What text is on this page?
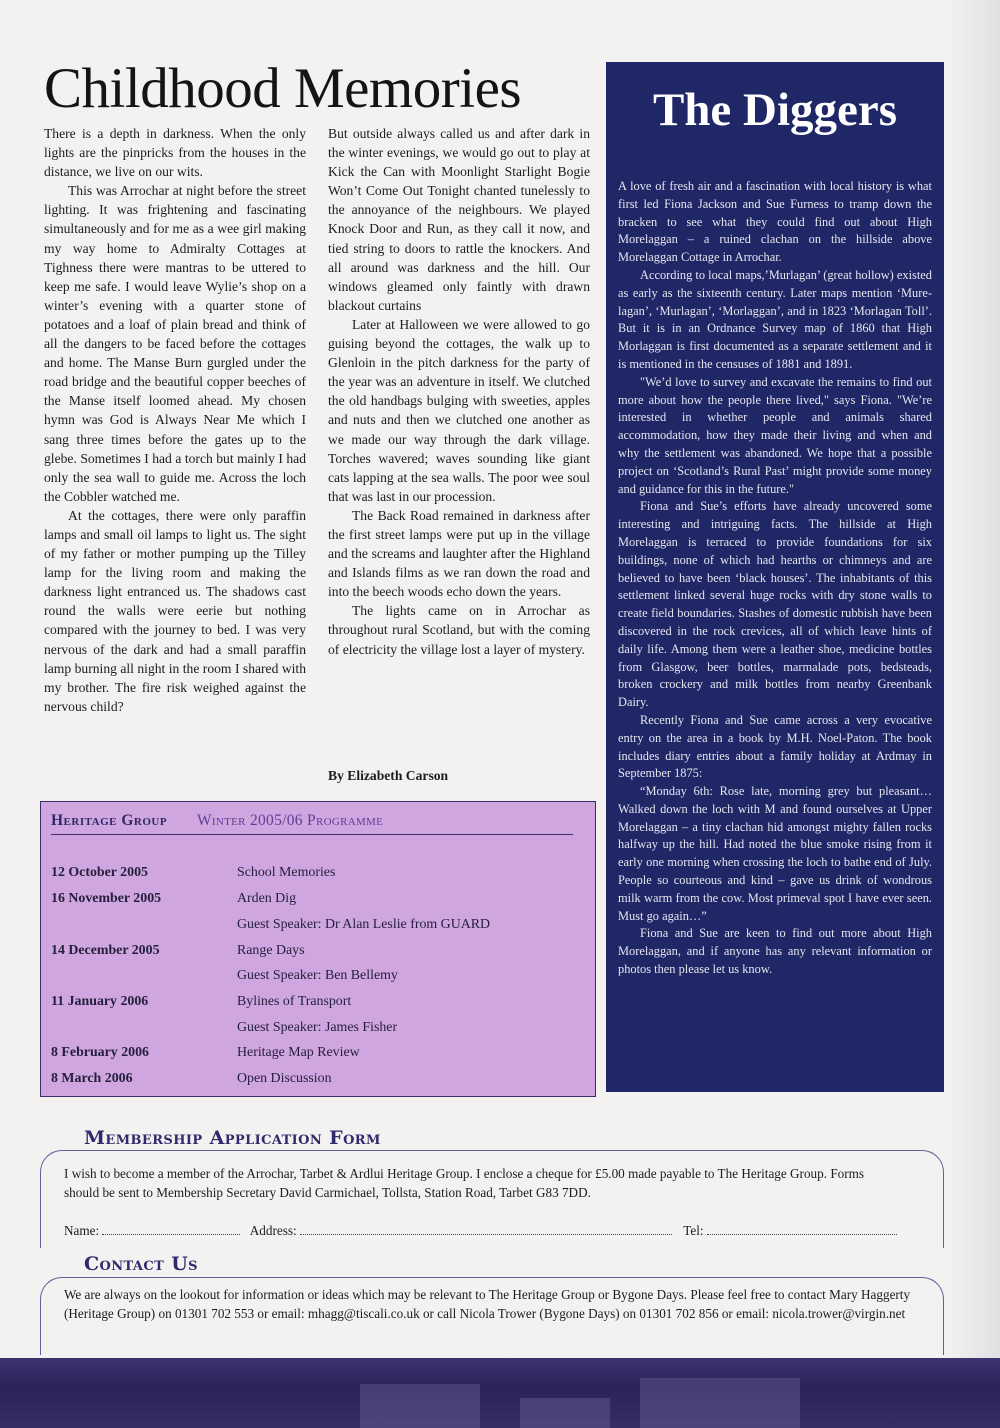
Childhood Memories

There is a depth in darkness. When the only lights are the pinpricks from the houses in the distance, we live on our wits.

This was Arrochar at night before the street lighting. It was frightening and fascinating simultaneously and for me as a wee girl making my way home to Admiralty Cottages at Tighness there were mantras to be uttered to keep me safe. I would leave Wylie’s shop on a winter’s evening with a quarter stone of potatoes and a loaf of plain bread and think of all the dangers to be faced before the cottages and home. The Manse Burn gurgled under the road bridge and the beautiful copper beeches of the Manse itself loomed ahead. My chosen hymn was God is Always Near Me which I sang three times before the gates up to the glebe. Sometimes I had a torch but mainly I had only the sea wall to guide me. Across the loch the Cobbler watched me.

At the cottages, there were only paraffin lamps and small oil lamps to light us. The sight of my father or mother pumping up the Tilley lamp for the living room and making the darkness light entranced us. The shadows cast round the walls were eerie but nothing compared with the journey to bed. I was very nervous of the dark and had a small paraffin lamp burning all night in the room I shared with my brother. The fire risk weighed against the nervous child?

But outside always called us and after dark in the winter evenings, we would go out to play at Kick the Can with Moonlight Starlight Bogie Won’t Come Out Tonight chanted tunelessly to the annoyance of the neighbours. We played Knock Door and Run, as they call it now, and tied string to doors to rattle the knockers. And all around was darkness and the hill. Our windows gleamed only faintly with drawn blackout curtains

Later at Halloween we were allowed to go guising beyond the cottages, the walk up to Glenloin in the pitch darkness for the party of the year was an adventure in itself. We clutched the old handbags bulging with sweeties, apples and nuts and then we clutched one another as we made our way through the dark village. Torches wavered; waves sounding like giant cats lapping at the sea walls. The poor wee soul that was last in our procession.

The Back Road remained in darkness after the first street lamps were put up in the village and the screams and laughter after the Highland and Islands films as we ran down the road and into the beech woods echo down the years.

The lights came on in Arrochar as throughout rural Scotland, but with the coming of electricity the village lost a layer of mystery.

By Elizabeth Carson
The Diggers

A love of fresh air and a fascination with local history is what first led Fiona Jackson and Sue Furness to tramp down the bracken to see what they could find out about High Morelaggan – a ruined clachan on the hillside above Morelaggan Cottage in Arrochar.

According to local maps,’Murlagan’ (great hollow) existed as early as the sixteenth century. Later maps mention ‘Mure-lagan’, ‘Murlagan’, ‘Morlaggan’, and in 1823 ‘Morlagan Toll’. But it is in an Ordnance Survey map of 1860 that High Morlaggan is first documented as a separate settlement and it is mentioned in the censuses of 1881 and 1891.

"We’d love to survey and excavate the remains to find out more about how the people there lived," says Fiona. "We’re interested in whether people and animals shared accommodation, how they made their living and when and why the settlement was abandoned. We hope that a possible project on ‘Scotland’s Rural Past’ might provide some money and guidance for this in the future."

Fiona and Sue’s efforts have already uncovered some interesting and intriguing facts. The hillside at High Morelaggan is terraced to provide foundations for six buildings, none of which had hearths or chimneys and are believed to have been ‘black houses’. The inhabitants of this settlement linked several huge rocks with dry stone walls to create field boundaries. Stashes of domestic rubbish have been discovered in the rock crevices, all of which leave hints of daily life. Among them were a leather shoe, medicine bottles from Glasgow, beer bottles, marmalade pots, bedsteads, broken crockery and milk bottles from nearby Greenbank Dairy.

Recently Fiona and Sue came across a very evocative entry on the area in a book by M.H. Noel-Paton. The book includes diary entries about a family holiday at Ardmay in September 1875:

“Monday 6th: Rose late, morning grey but pleasant… Walked down the loch with M and found ourselves at Upper Morelaggan – a tiny clachan hid amongst mighty fallen rocks halfway up the hill. Had noted the blue smoke rising from it early one morning when crossing the loch to bathe end of July. People so courteous and kind – gave us drink of wondrous milk warm from the cow. Most primeval spot I have ever seen. Must go again…”

Fiona and Sue are keen to find out more about High Morelaggan, and if anyone has any relevant information or photos then please let us know.

Heritage Group Winter 2005/06 Programme
12 October 2005	School Memories
16 November 2005	Arden Dig
Guest Speaker: Dr Alan Leslie from GUARD
14 December 2005	Range Days
Guest Speaker: Ben Bellemy
11 January 2006	Bylines of Transport
Guest Speaker: James Fisher
8 February 2006	Heritage Map Review
8 March 2006	Open Discussion
Membership Application Form
I wish to become a member of the Arrochar, Tarbet & Ardlui Heritage Group. I enclose a cheque for £5.00 made payable to The Heritage Group. Forms should be sent to Membership Secretary David Carmichael, Tollsta, Station Road, Tarbet G83 7DD.
Name:	Address:	Tel:
Contact Us
We are always on the lookout for information or ideas which may be relevant to The Heritage Group or Bygone Days. Please feel free to contact Mary Haggerty (Heritage Group) on 01301 702 553 or email: mhagg@tiscali.co.uk or call Nicola Trower (Bygone Days) on 01301 702 856 or email: nicola.trower@virgin.net
